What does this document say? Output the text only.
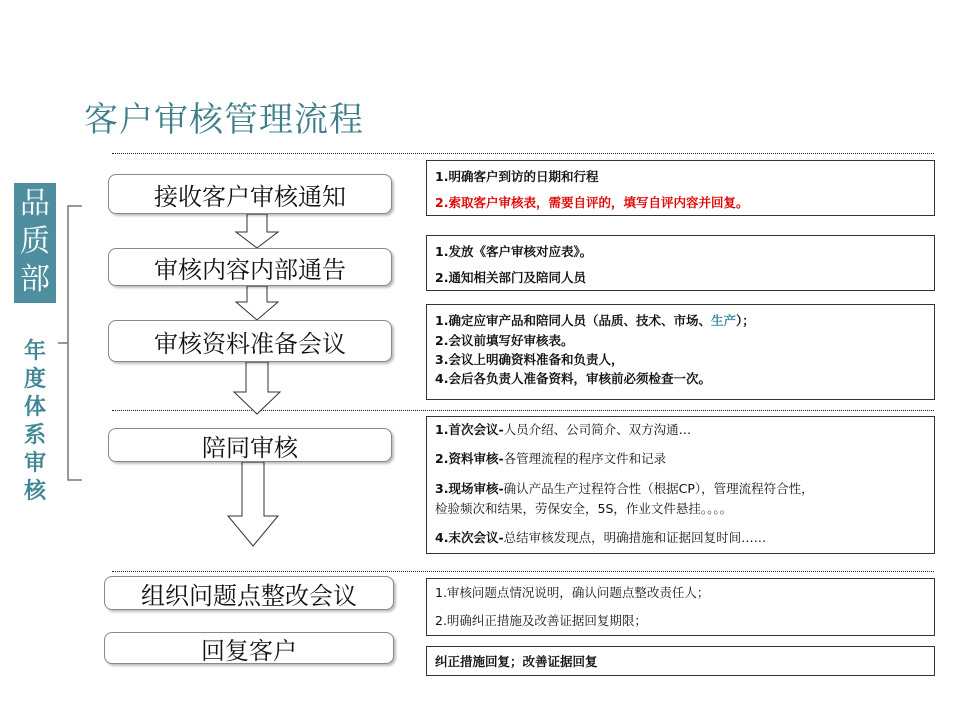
客户审核管理流程
品
质
部
年
度
体
系
审
核
接收客户审核通知
审核内容内部通告
审核资料准备会议
陪同审核
组织问题点整改会议
回复客户
1.明确客户到访的日期和行程
2.索取客户审核表，需要自评的，填写自评内容并回复。
1.发放《客户审核对应表》。
2.通知相关部门及陪同人员
1.确定应审产品和陪同人员（品质、技术、市场、生产）；
2.会议前填写好审核表。
3.会议上明确资料准备和负责人，
4.会后各负责人准备资料，审核前必须检查一次。
1.首次会议-人员介绍、公司简介、双方沟通…
2.资料审核-各管理流程的程序文件和记录
3.现场审核-确认产品生产过程符合性（根据CP），管理流程符合性，
检验频次和结果，劳保安全，5S，作业文件悬挂。。。。
4.末次会议-总结审核发现点，明确措施和证据回复时间……
1.审核问题点情况说明，确认问题点整改责任人；
2.明确纠正措施及改善证据回复期限；
纠正措施回复；改善证据回复
